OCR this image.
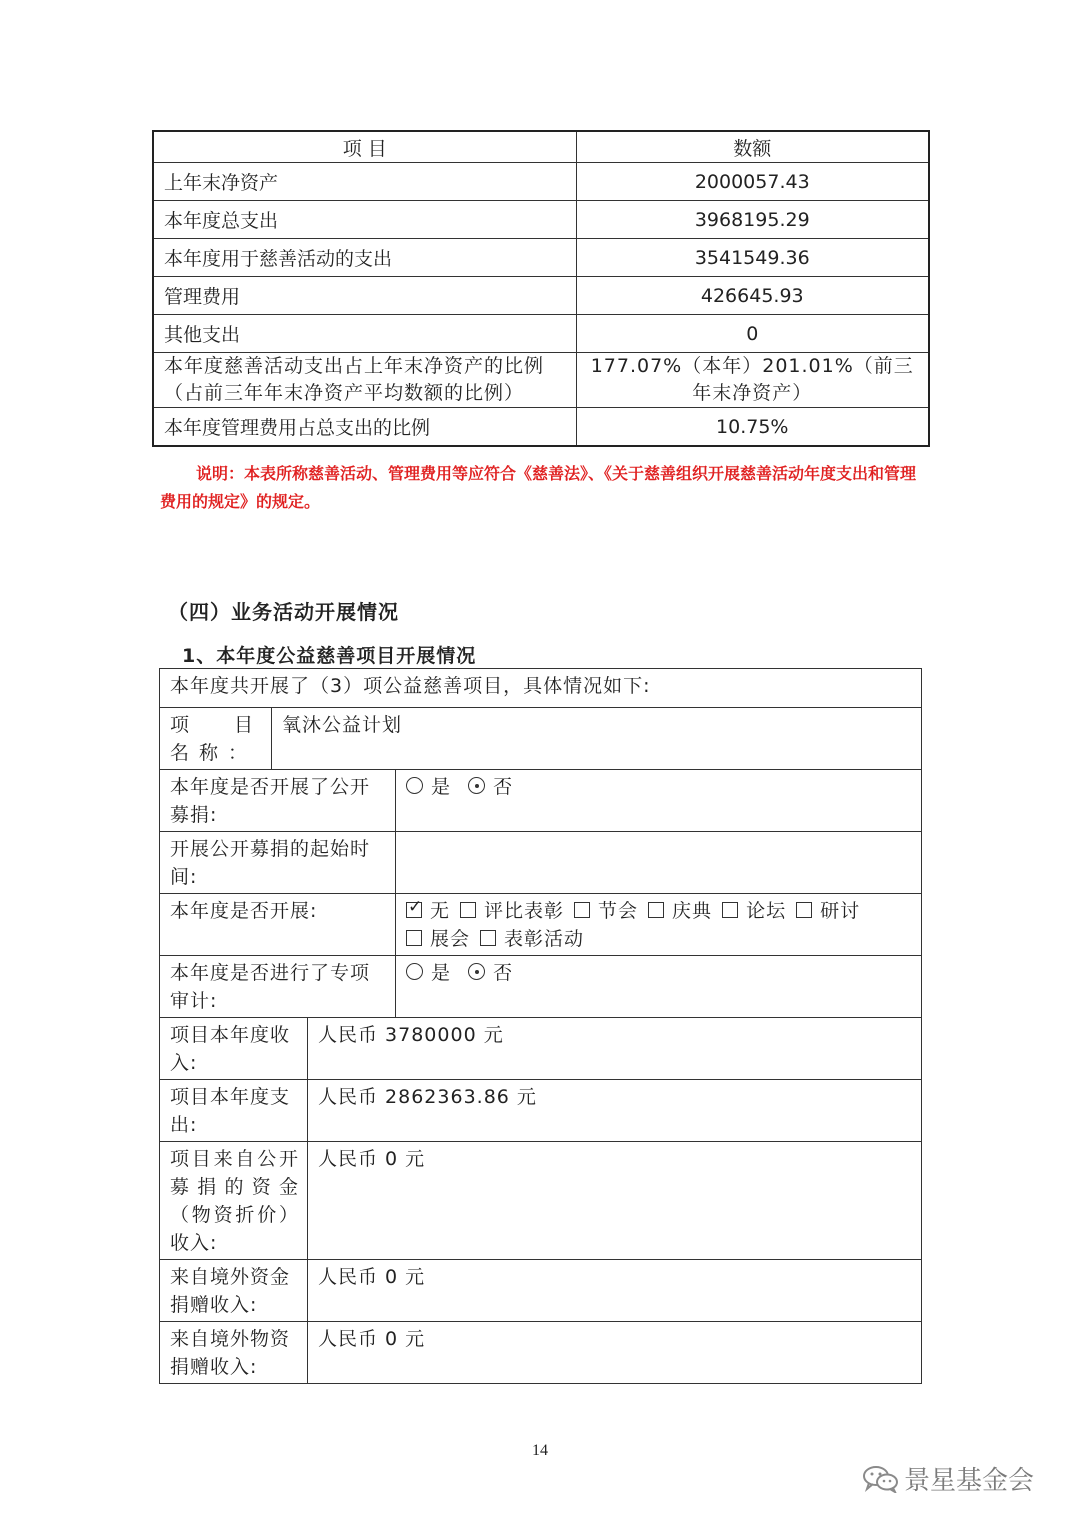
项 目	数额
上年末净资产	2000057.43
本年度总支出	3968195.29
本年度用于慈善活动的支出	3541549.36
管理费用	426645.93
其他支出	0
本年度慈善活动支出占上年末净资产的比例（占前三年年末净资产平均数额的比例）	177.07%（本年）201.01%（前三年末净资产）
本年度管理费用占总支出的比例	10.75%
说明：本表所称慈善活动、管理费用等应符合《慈善法》、《关于慈善组织开展慈善活动年度支出和管理费用的规定》的规定。
（四）业务活动开展情况
1、本年度公益慈善项目开展情况
本年度共开展了（3）项公益慈善项目，具体情况如下:			
项 目 名称：	氧沐公益计划		
本年度是否开展了公开募捐:			是 否
开展公开募捐的起始时间:			
本年度是否开展:			✓ 无 评比表彰 节会 庆典 论坛 研讨
展会 表彰活动
本年度是否进行了专项审计:			是 否
项目本年度收入:		人民币 3780000 元	
项目本年度支出:		人民币 2862363.86 元	
项目来自公开募捐的资金（物资折价）收入:		人民币 0 元	
来自境外资金捐赠收入:		人民币 0 元	
来自境外物资捐赠收入:		人民币 0 元	
14
景星基金会
